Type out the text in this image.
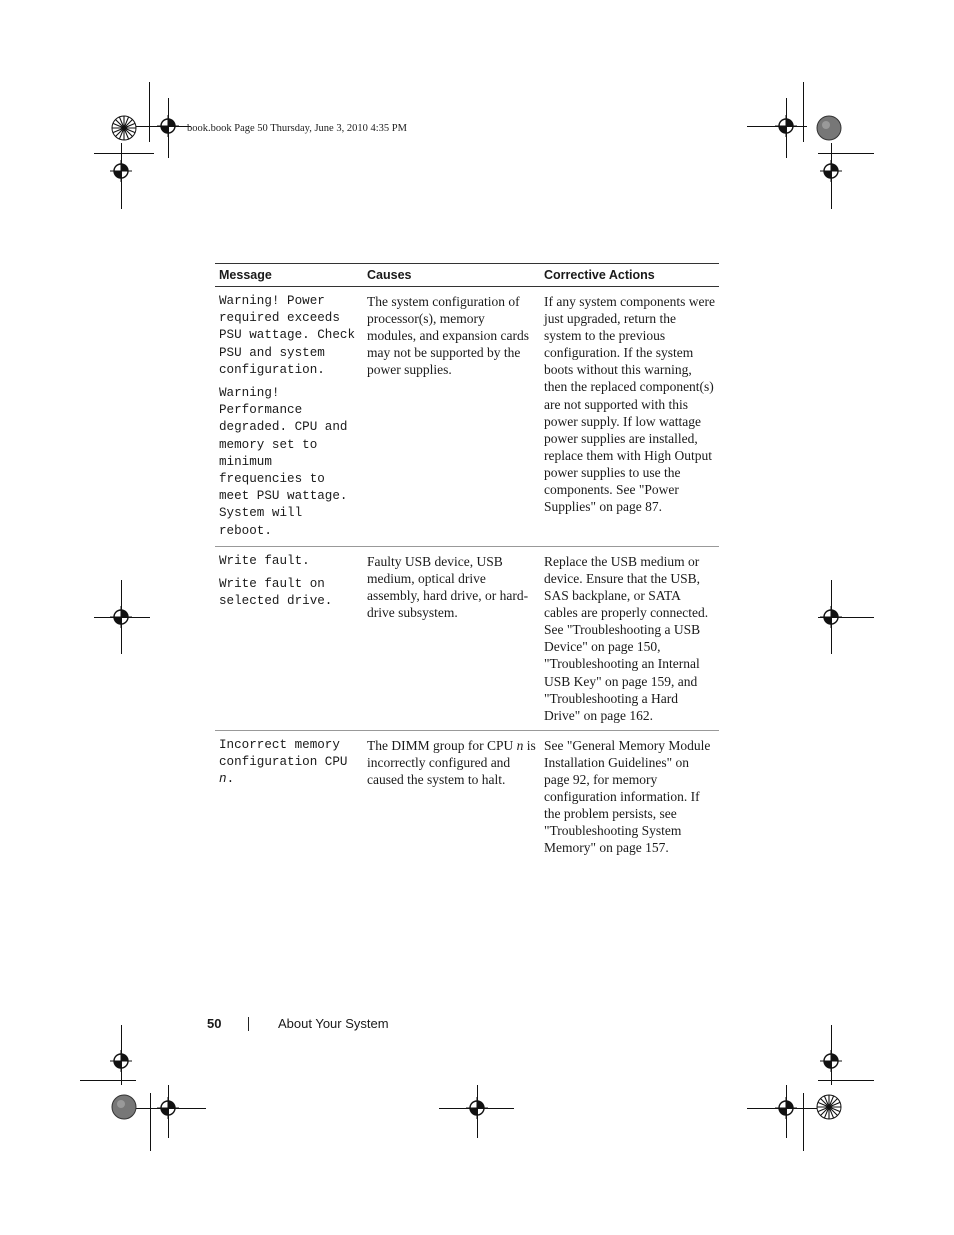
book.book Page 50 Thursday, June 3, 2010 4:35 PM
Message	Causes	Corrective Actions

Warning! Power required exceeds PSU wattage. Check PSU and system configuration.
Warning! Performance degraded. CPU and memory set to minimum frequencies to meet PSU wattage. System will reboot.	The system configuration of processor(s), memory modules, and expansion cards may not be supported by the power supplies.	If any system components were just upgraded, return the system to the previous configuration. If the system boots without this warning, then the replaced component(s) are not supported with this power supply. If low wattage power supplies are installed, replace them with High Output power supplies to use the components. See "Power Supplies" on page 87.

Write fault.
Write fault on selected drive.	Faulty USB device, USB medium, optical drive assembly, hard drive, or hard-drive subsystem.	Replace the USB medium or device. Ensure that the USB, SAS backplane, or SATA cables are properly connected. See "Troubleshooting a USB Device" on page 150, "Troubleshooting an Internal USB Key" on page 159, and "Troubleshooting a Hard Drive" on page 162.

Incorrect memory configuration CPU n.	The DIMM group for CPU n is incorrectly configured and caused the system to halt.	See "General Memory Module Installation Guidelines" on page 92, for memory configuration information. If the problem persists, see "Troubleshooting System Memory" on page 157.
50	About Your System
